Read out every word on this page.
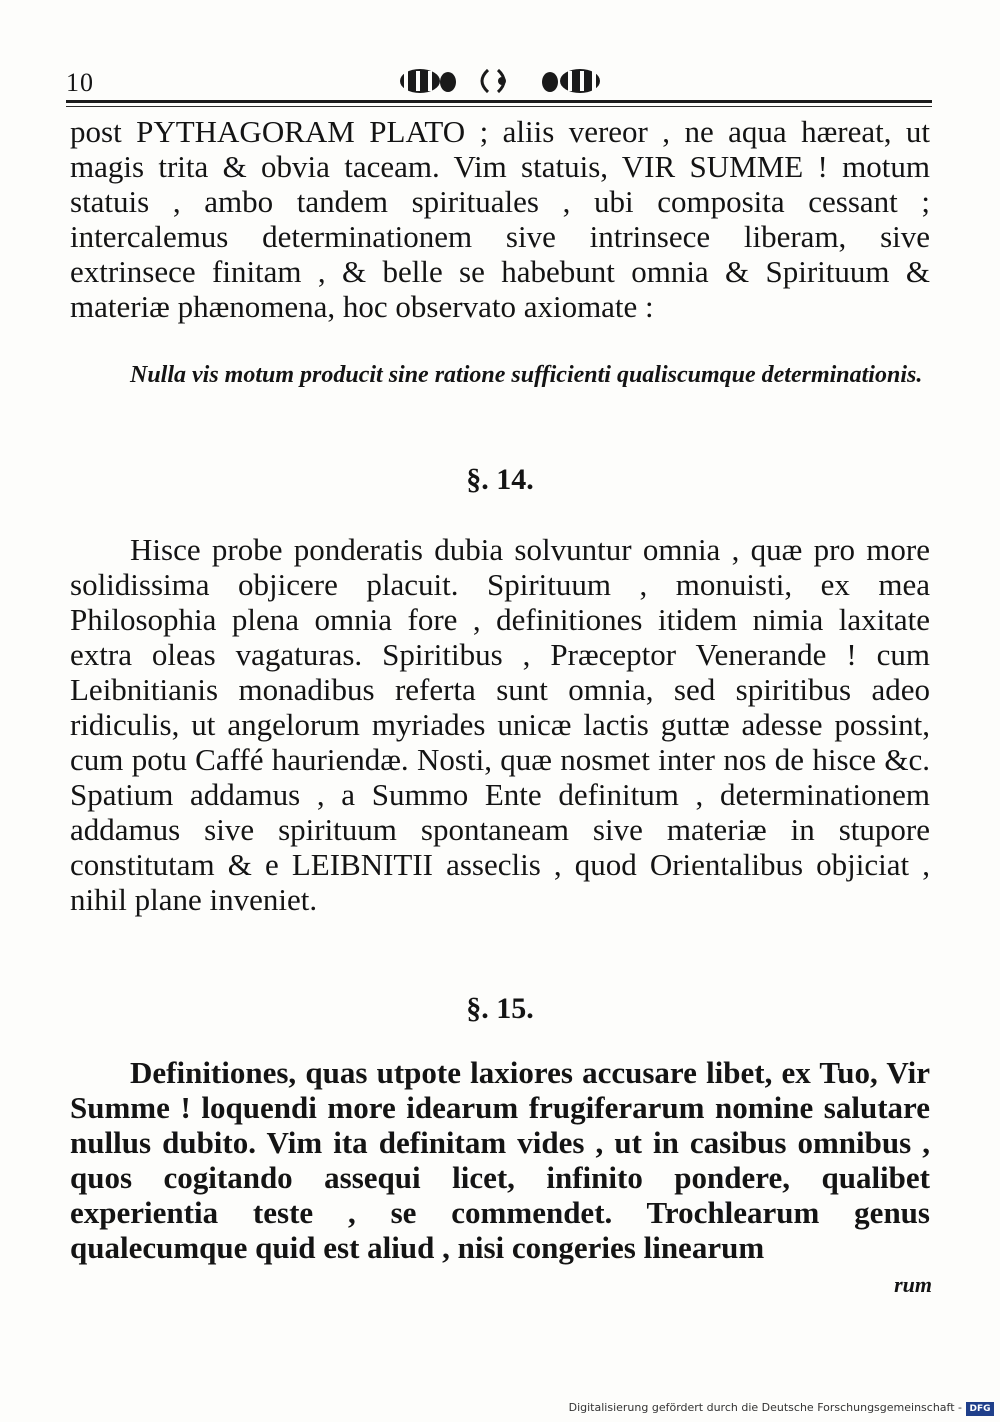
10
post PYTHAGORAM PLATO ; aliis vereor , ne aqua hæreat, ut magis trita & obvia taceam. Vim statuis, VIR SUMME ! motum statuis , ambo tandem spirituales , ubi composita cessant ; intercalemus determinationem sive intrinsece liberam, sive extrinsece finitam , & belle se habebunt omnia & Spirituum & materiæ phænomena, hoc observato axiomate :
Nulla vis motum producit sine ratione sufficienti qualiscumque determinationis.
§. 14.
Hisce probe ponderatis dubia solvuntur omnia , quæ pro more solidissima objicere placuit. Spirituum , monuisti, ex mea Philosophia plena omnia fore , definitiones itidem nimia laxitate extra oleas vagaturas. Spiritibus , Præceptor Venerande ! cum Leibnitianis monadibus referta sunt omnia, sed spiritibus adeo ridiculis, ut angelorum myriades unicæ lactis guttæ adesse possint, cum potu Caffé hauriendæ. Nosti, quæ nosmet inter nos de hisce &c. Spatium addamus , a Summo Ente definitum , determinationem addamus sive spirituum spontaneam sive materiæ in stupore constitutam & e LEIBNITII asseclis , quod Orientalibus objiciat , nihil plane inveniet.
§. 15.
Definitiones, quas utpote laxiores accusare libet, ex Tuo, Vir Summe ! loquendi more idearum frugiferarum nomine salutare nullus dubito. Vim ita definitam vides , ut in casibus omnibus , quos cogitando assequi licet, infinito pondere, qualibet experientia teste , se commendet. Trochlearum genus qualecumque quid est aliud , nisi congeries linearum
rum
Digitalisierung gefördert durch die Deutsche Forschungsgemeinschaft - DFG
